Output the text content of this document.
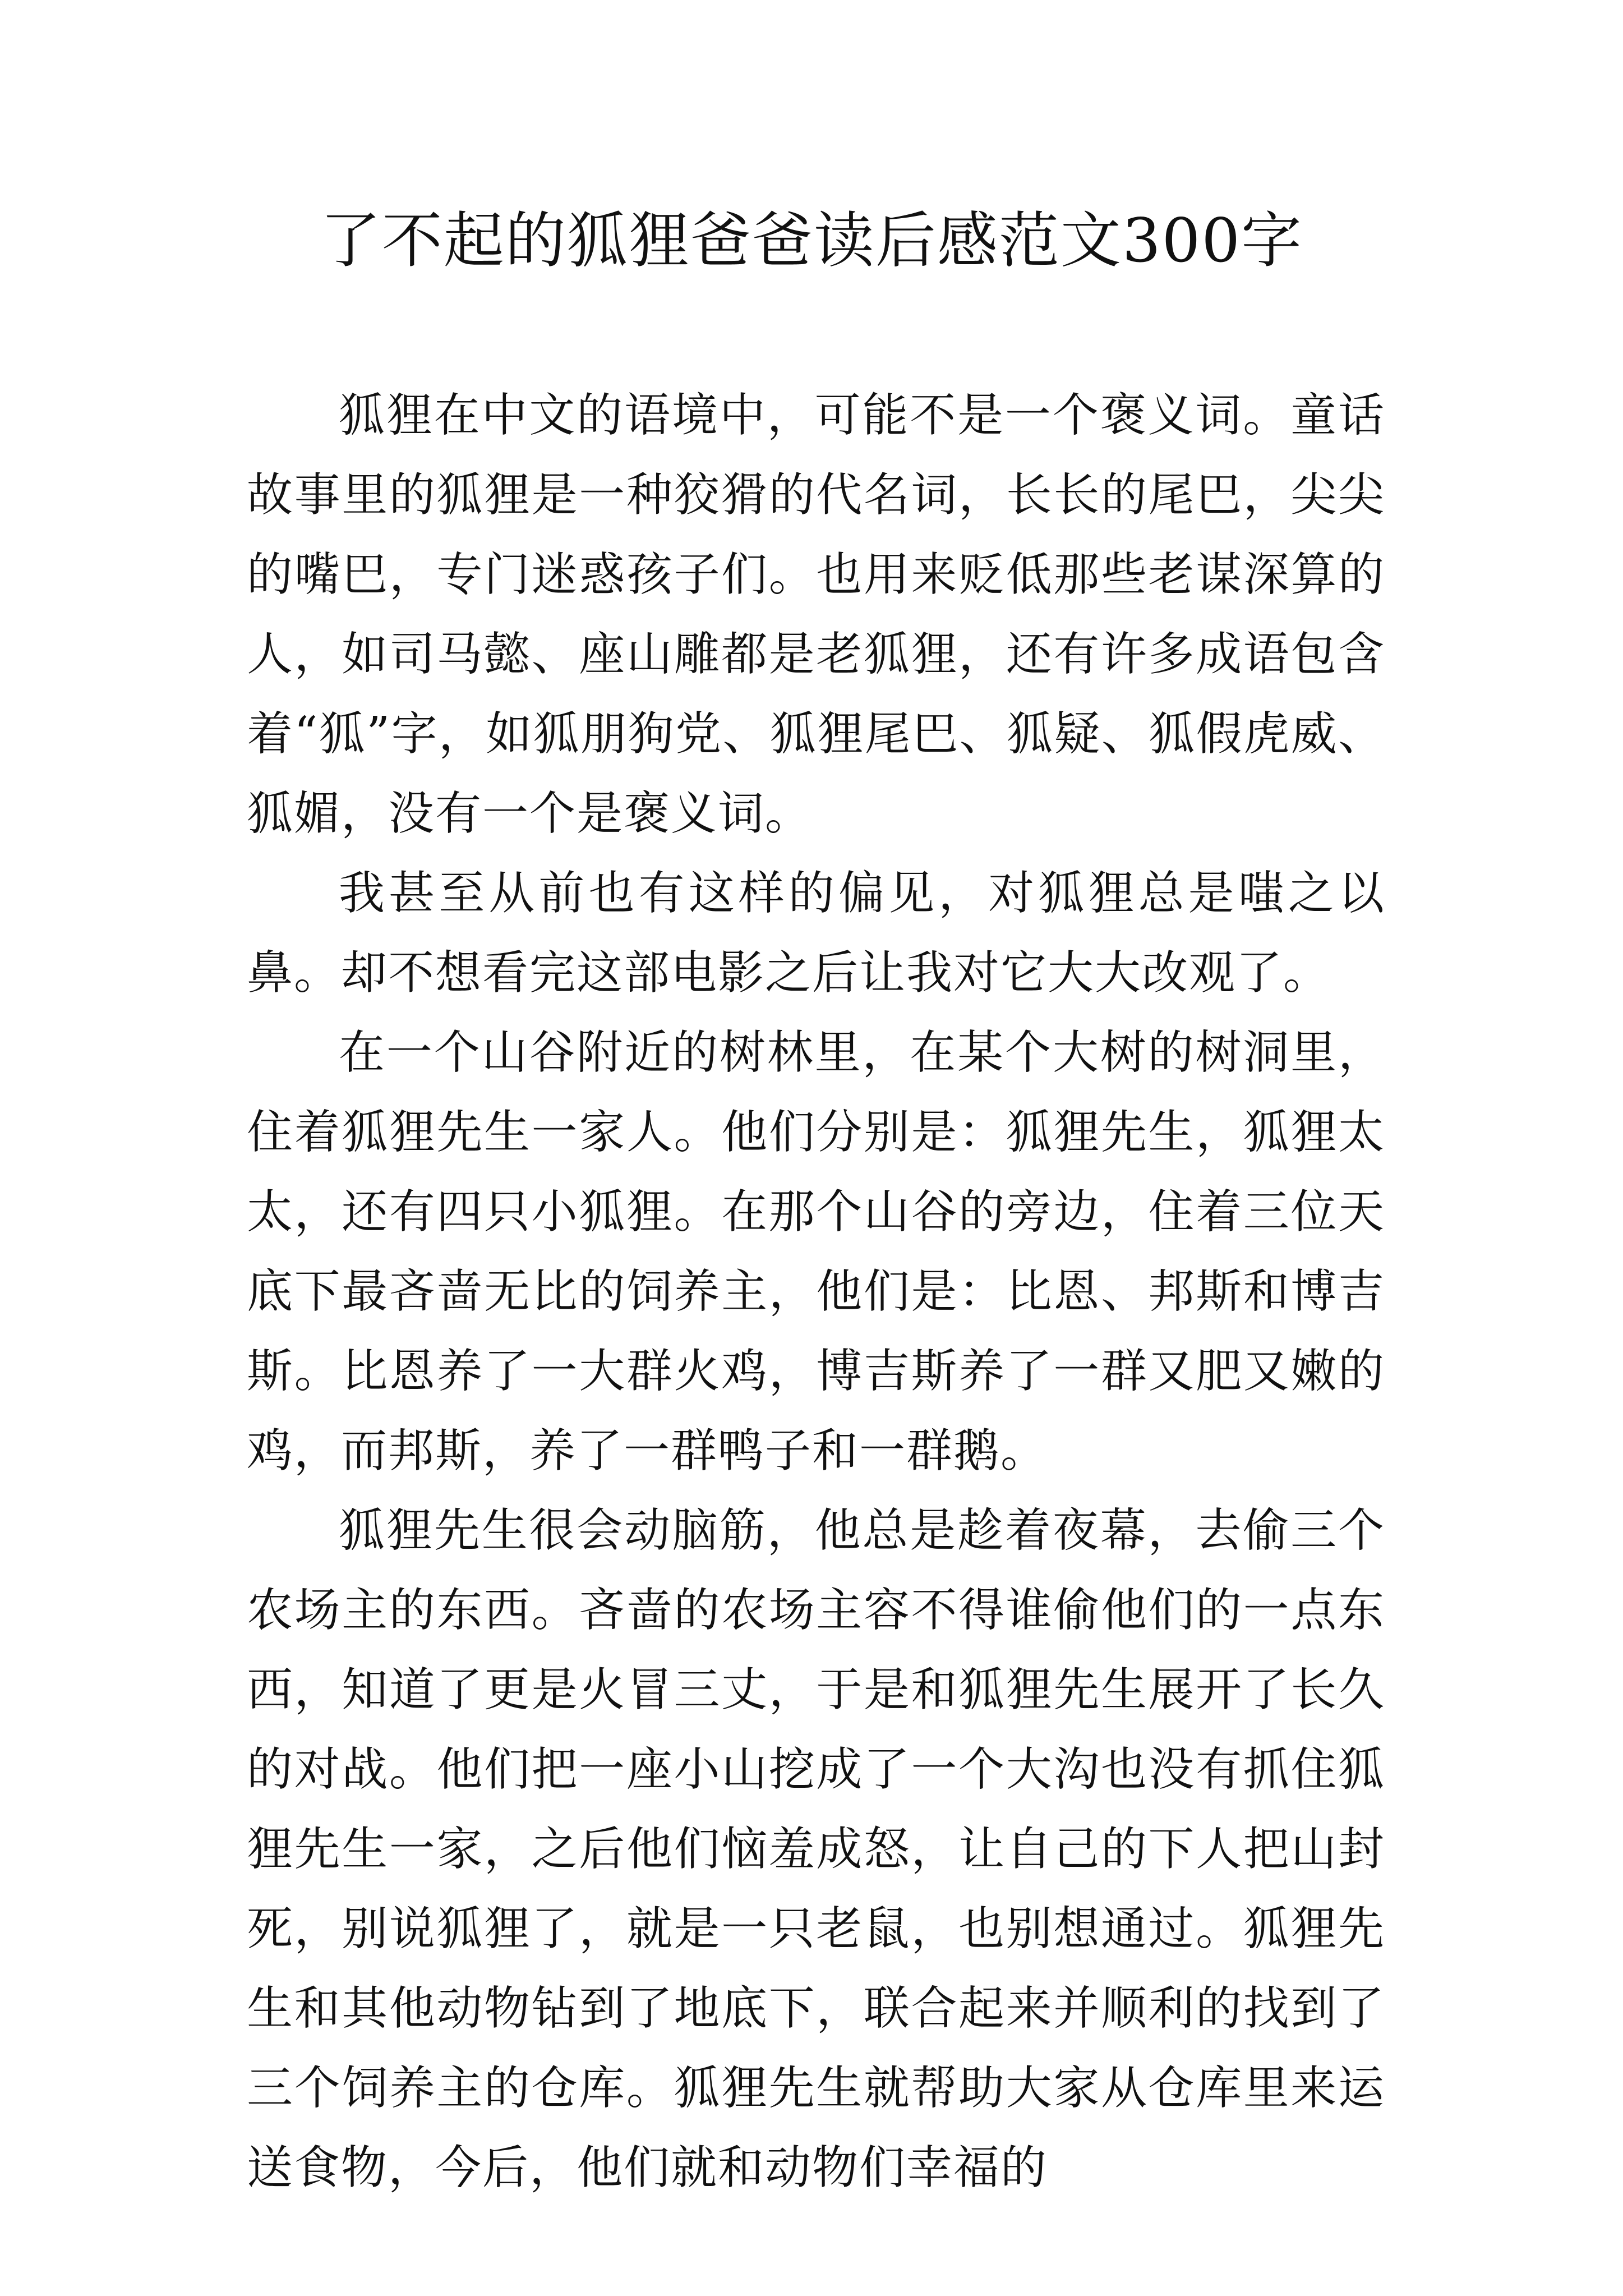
了不起的狐狸爸爸读后感范文300字

狐狸在中文的语境中，可能不是一个褒义词。童话故事里的狐狸是一种狡猾的代名词，长长的尾巴，尖尖的嘴巴，专门迷惑孩子们。也用来贬低那些老谋深算的人，如司马懿、座山雕都是老狐狸，还有许多成语包含着“狐”字，如狐朋狗党、狐狸尾巴、狐疑、狐假虎威、狐媚，没有一个是褒义词。

我甚至从前也有这样的偏见，对狐狸总是嗤之以鼻。却不想看完这部电影之后让我对它大大改观了。

在一个山谷附近的树林里，在某个大树的树洞里，住着狐狸先生一家人。他们分别是：狐狸先生，狐狸太太，还有四只小狐狸。在那个山谷的旁边，住着三位天底下最吝啬无比的饲养主，他们是：比恩、邦斯和博吉斯。比恩养了一大群火鸡，博吉斯养了一群又肥又嫩的鸡，而邦斯，养了一群鸭子和一群鹅。

狐狸先生很会动脑筋，他总是趁着夜幕，去偷三个农场主的东西。吝啬的农场主容不得谁偷他们的一点东西，知道了更是火冒三丈，于是和狐狸先生展开了长久的对战。他们把一座小山挖成了一个大沟也没有抓住狐狸先生一家，之后他们恼羞成怒，让自己的下人把山封死，别说狐狸了，就是一只老鼠，也别想通过。狐狸先生和其他动物钻到了地底下，联合起来并顺利的找到了三个饲养主的仓库。狐狸先生就帮助大家从仓库里来运送食物，今后，他们就和动物们幸福的
